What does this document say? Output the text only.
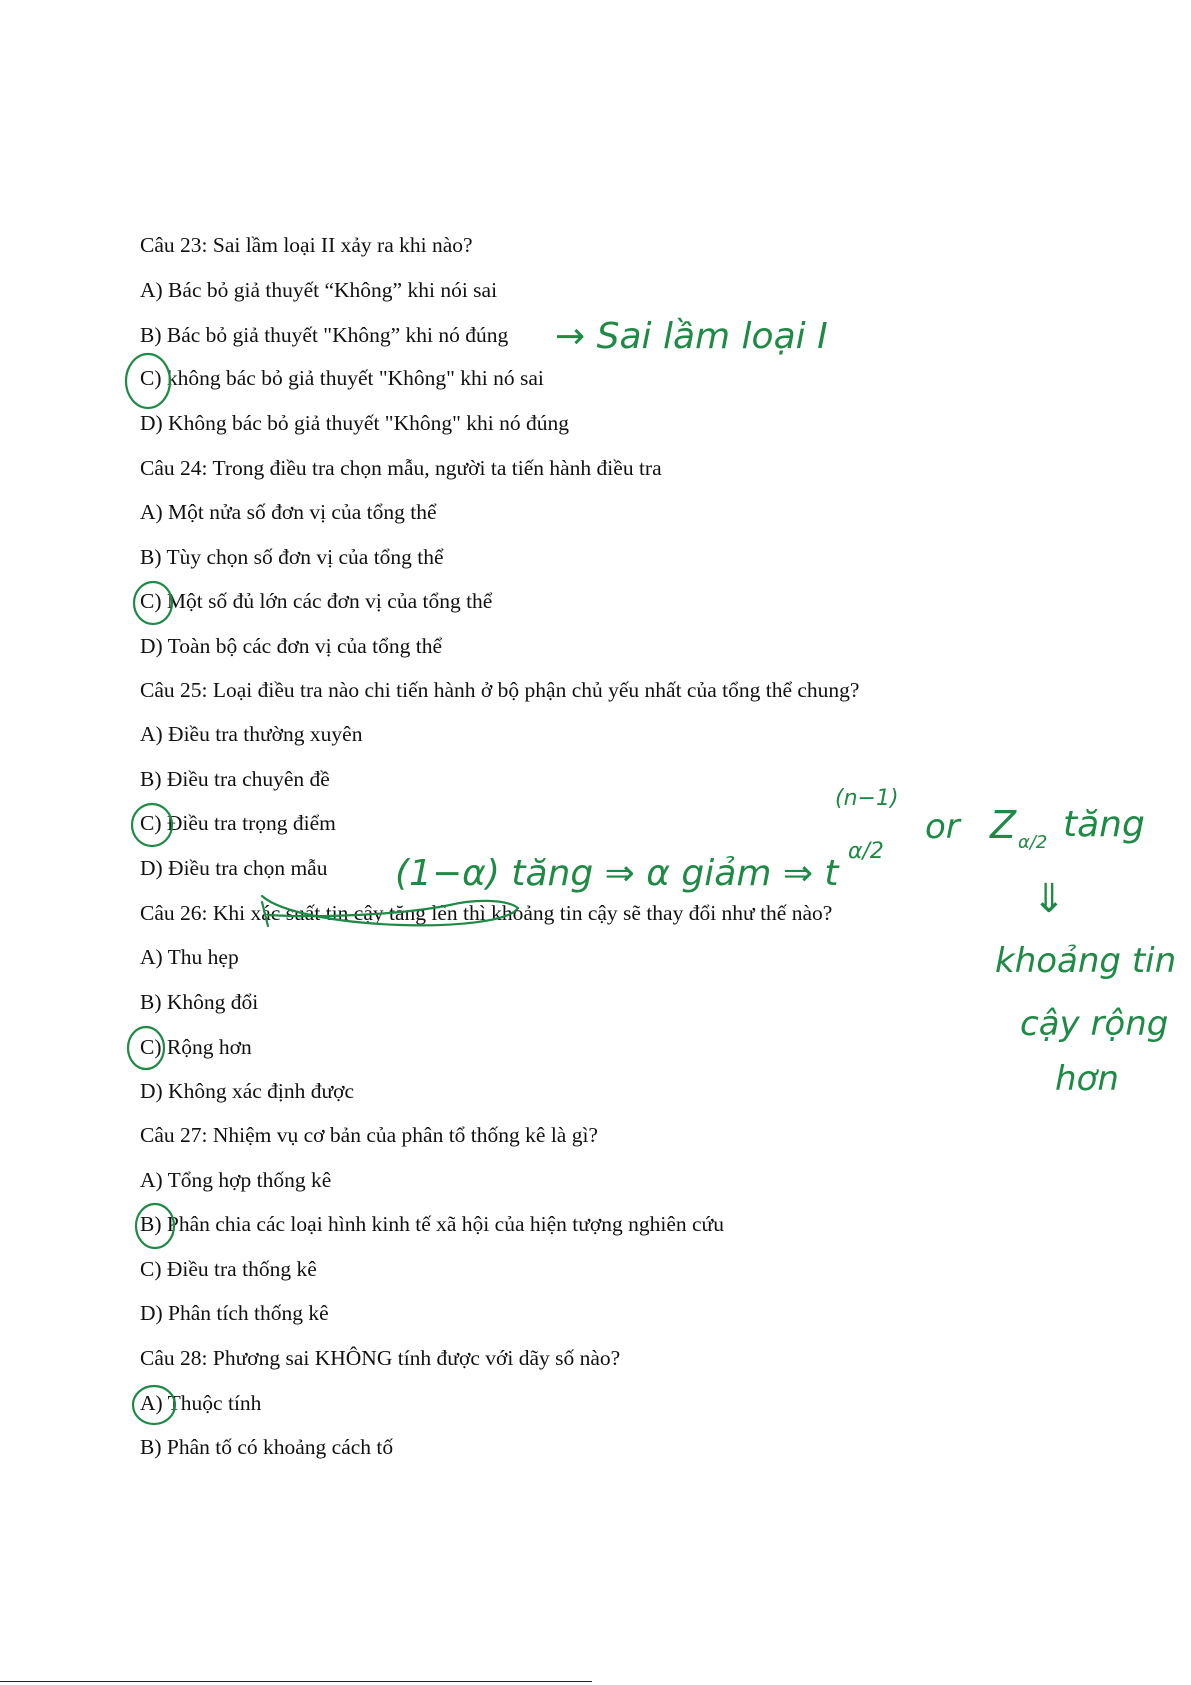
Câu 23: Sai lầm loại II xảy ra khi nào?
A) Bác bỏ giả thuyết “Không” khi nói sai
B) Bác bỏ giả thuyết "Không” khi nó đúng
C) không bác bỏ giả thuyết "Không" khi nó sai
D) Không bác bỏ giả thuyết "Không" khi nó đúng
Câu 24: Trong điều tra chọn mẫu, người ta tiến hành điều tra
A) Một nửa số đơn vị của tổng thể
B) Tùy chọn số đơn vị của tổng thể
C) Một số đủ lớn các đơn vị của tổng thể
D) Toàn bộ các đơn vị của tổng thể
Câu 25: Loại điều tra nào chi tiến hành ở bộ phận chủ yếu nhất của tổng thể chung?
A) Điều tra thường xuyên
B) Điều tra chuyên đề
C) Điều tra trọng điểm
D) Điều tra chọn mẫu
Câu 26: Khi xác suất tin cậy tăng lên thì khoảng tin cậy sẽ thay đổi như thế nào?
A) Thu hẹp
B) Không đổi
C) Rộng hơn
D) Không xác định được
Câu 27: Nhiệm vụ cơ bản của phân tổ thống kê là gì?
A) Tổng hợp thống kê
B) Phân chia các loại hình kinh tế xã hội của hiện tượng nghiên cứu
C) Điều tra thống kê
D) Phân tích thống kê
Câu 28: Phương sai KHÔNG tính được với dãy số nào?
A) Thuộc tính
B) Phân tố có khoảng cách tố
→ Sai lầm loại I
(1−α) tăng ⇒ α giảm ⇒ t
(n−1)
α/2
or Z α/2 tăng
⇓
khoảng tin
cậy rộng
hơn
